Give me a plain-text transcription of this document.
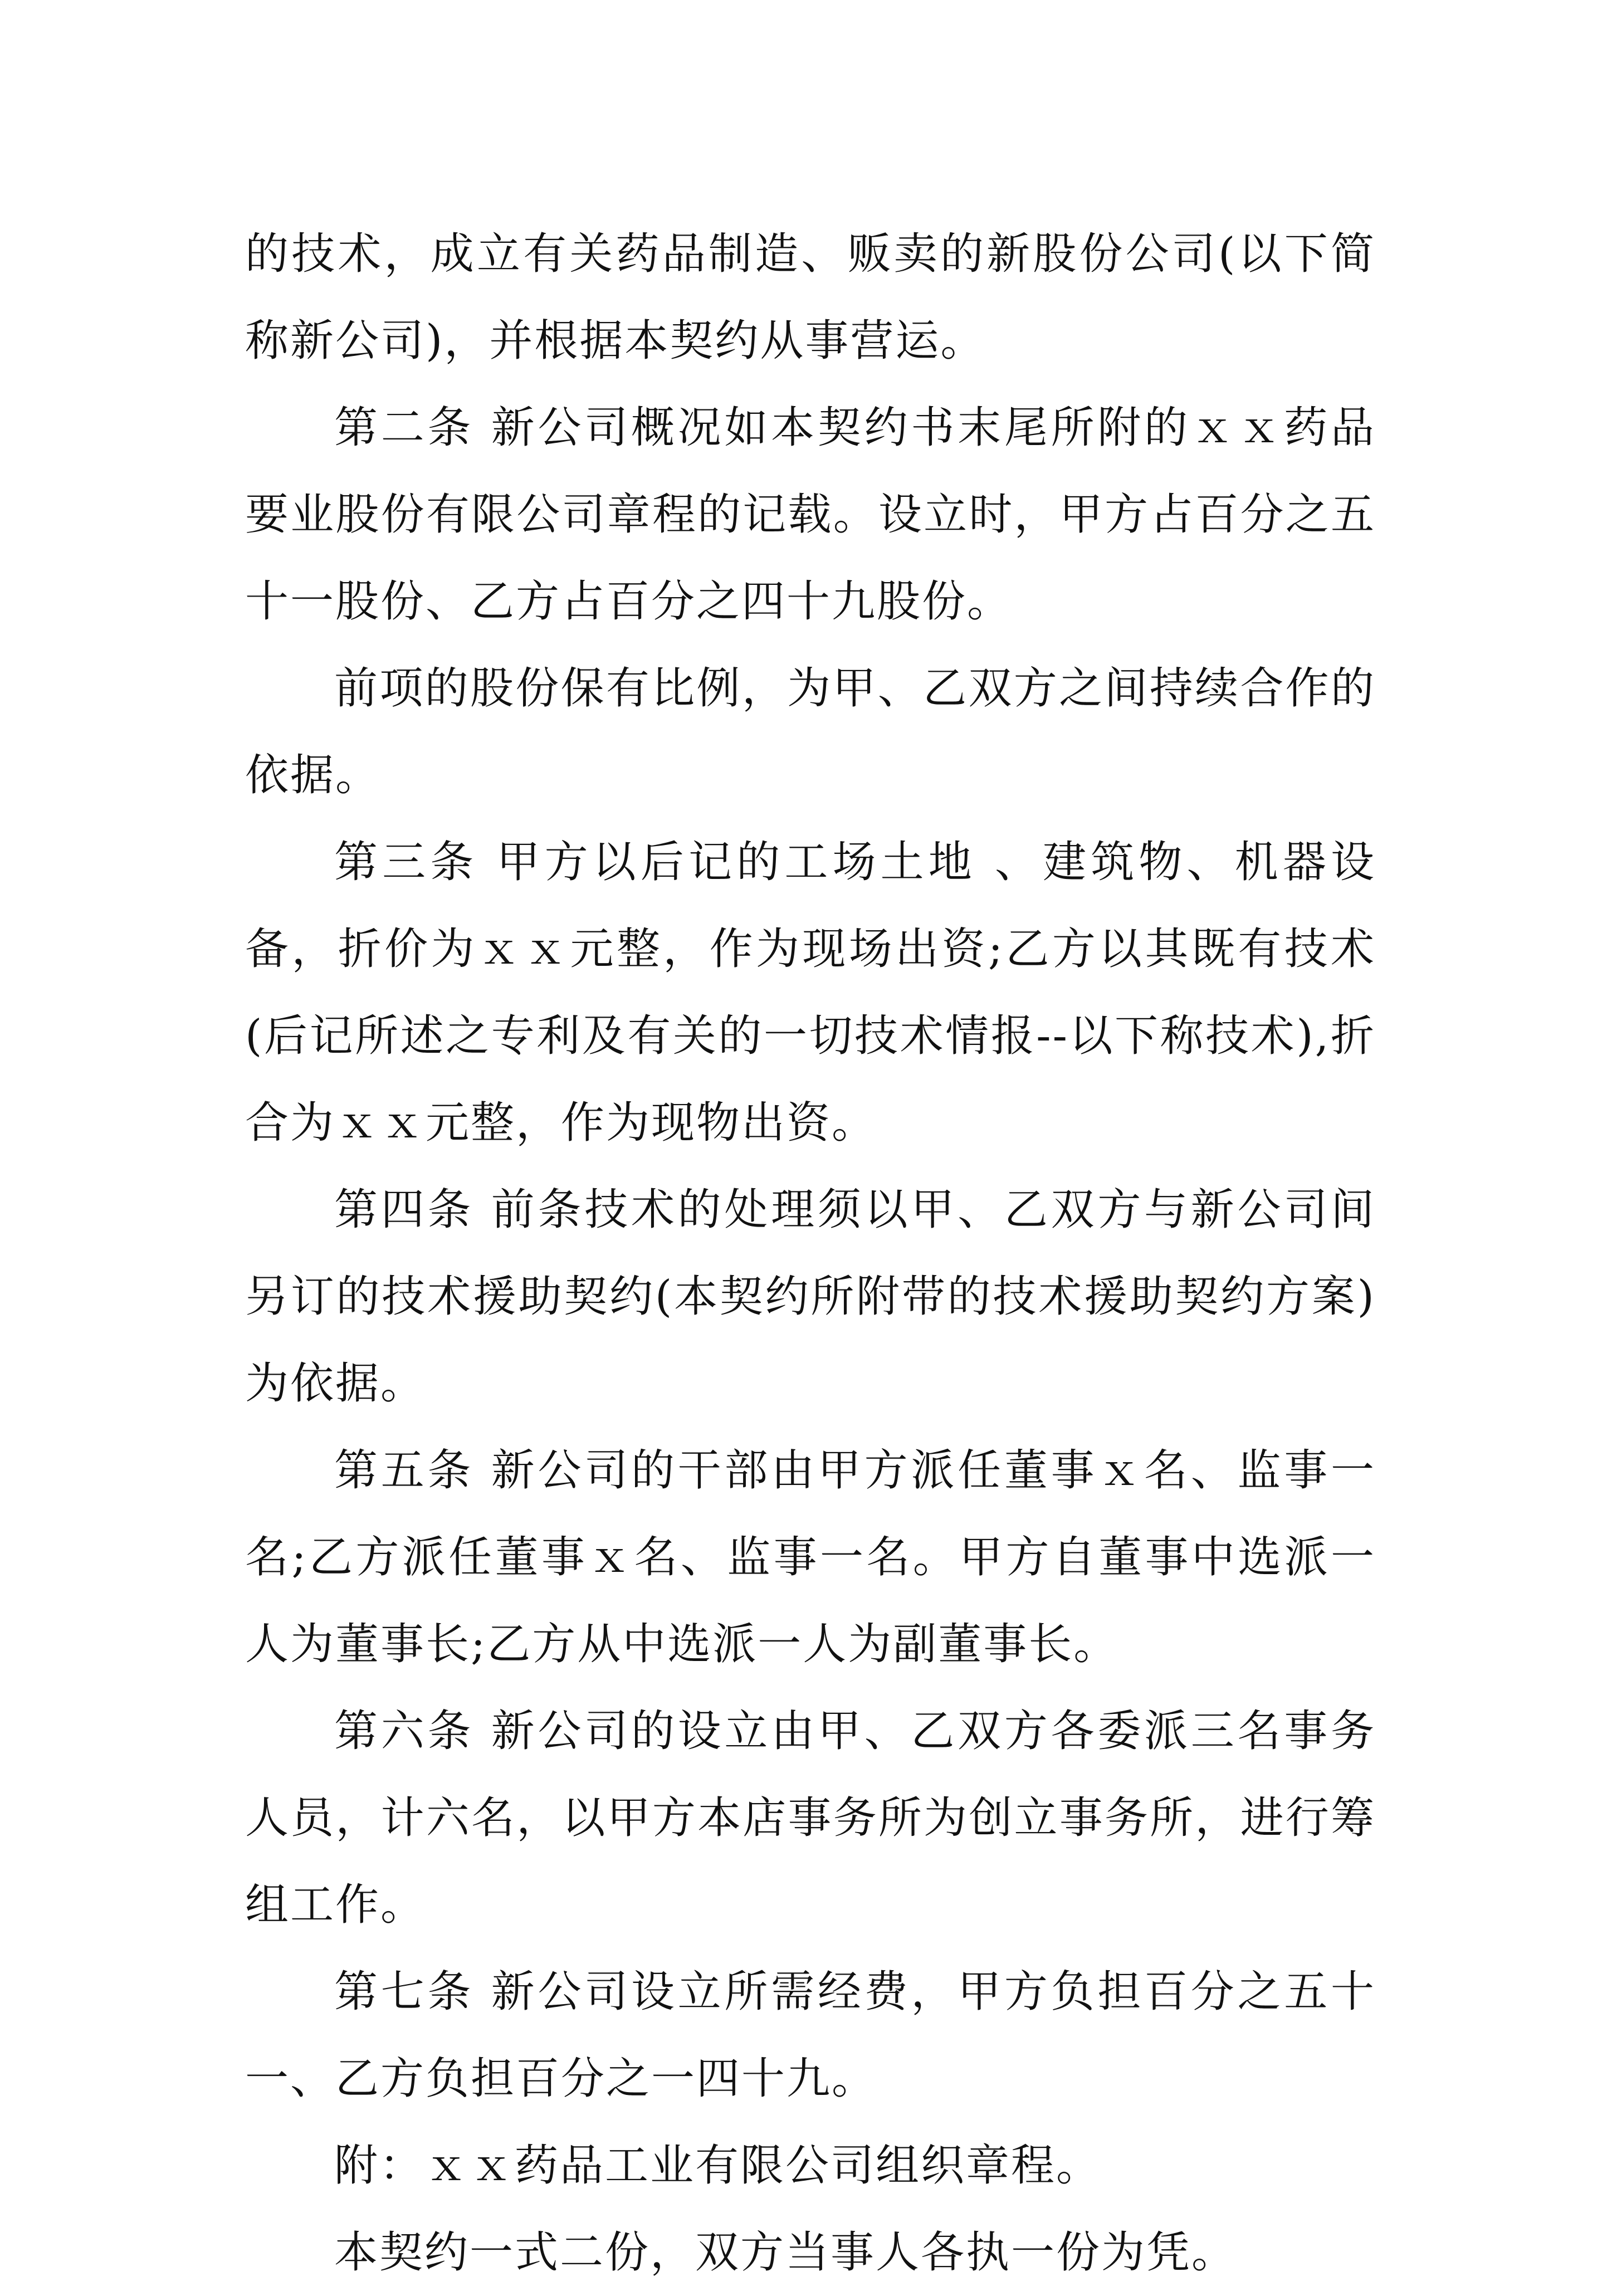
的技术，成立有关药品制造、贩卖的新股份公司(以下简称新公司)，并根据本契约从事营运。

第二条 新公司概况如本契约书末尾所附的ｘｘ药品要业股份有限公司章程的记载。设立时，甲方占百分之五十一股份、乙方占百分之四十九股份。

前项的股份保有比例，为甲、乙双方之间持续合作的依据。

第三条 甲方以后记的工场土地 、建筑物、机器设备，折价为ｘｘ元整，作为现场出资;乙方以其既有技术(后记所述之专利及有关的一切技术情报--以下称技术),折合为ｘｘ元整，作为现物出资。

第四条 前条技术的处理须以甲、乙双方与新公司间另订的技术援助契约(本契约所附带的技术援助契约方案)为依据。

第五条 新公司的干部由甲方派任董事ｘ名、监事一名;乙方派任董事ｘ名、监事一名。甲方自董事中选派一人为董事长;乙方从中选派一人为副董事长。

第六条 新公司的设立由甲、乙双方各委派三名事务人员，计六名，以甲方本店事务所为创立事务所，进行筹组工作。

第七条 新公司设立所需经费，甲方负担百分之五十一、乙方负担百分之一四十九。

附：ｘｘ药品工业有限公司组织章程。

本契约一式二份，双方当事人各执一份为凭。
